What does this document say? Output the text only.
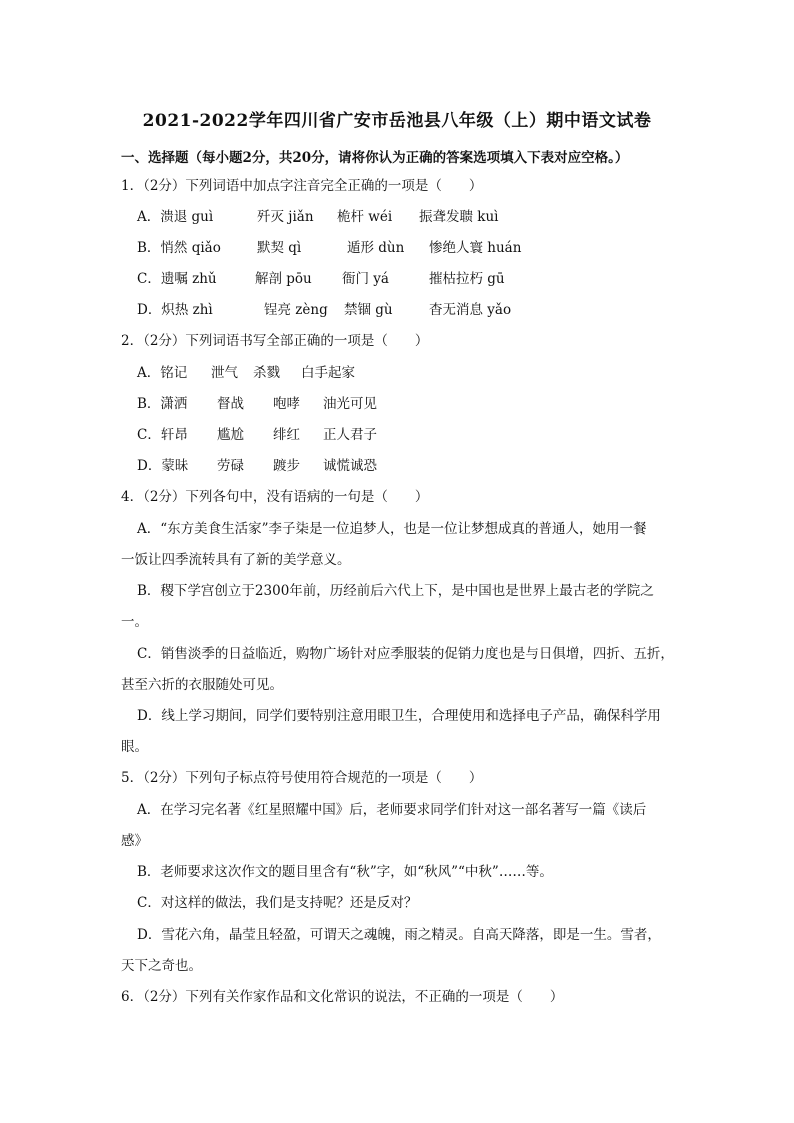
2021-2022学年四川省广安市岳池县八年级（上）期中语文试卷
一、选择题（每小题2分，共20分，请将你认为正确的答案选项填入下表对应空格。）
1．（2分）下列词语中加点字注音完全正确的一项是（　　）
A．溃退 guì	歼灭 jiǎn 桅杆 wéi 振聋发聩 kuì
B．悄然 qiǎo	默契 qì	遁形 dùn 惨绝人寰 huán
C．遗嘱 zhǔ	解剖 pōu 衙门 yá	摧枯拉朽 gū
D．炽热 zhì	锃亮 zèng 禁锢 gù	杳无消息 yǎo
2．（2分）下列词语书写全部正确的一项是（　　）
A．铭记 泄气 杀戮 白手起家
B．潇洒 督战 咆哮 油光可见
C．轩昂 尴尬 绯红 正人君子
D．蒙昧 劳碌 踱步 诚慌诚恐
4．（2分）下列各句中，没有语病的一句是（　　）
A．“东方美食生活家”李子柒是一位追梦人，也是一位让梦想成真的普通人，她用一餐
一饭让四季流转具有了新的美学意义。
B．稷下学宫创立于2300年前，历经前后六代上下，是中国也是世界上最古老的学院之
一。
C．销售淡季的日益临近，购物广场针对应季服装的促销力度也是与日俱增，四折、五折，
甚至六折的衣服随处可见。
D．线上学习期间，同学们要特别注意用眼卫生，合理使用和选择电子产品，确保科学用
眼。
5．（2分）下列句子标点符号使用符合规范的一项是（　　）
A．在学习完名著《红星照耀中国》后，老师要求同学们针对这一部名著写一篇《读后
感》
B．老师要求这次作文的题目里含有“秋”字，如“秋风”“中秋”……等。
C．对这样的做法，我们是支持呢？还是反对？
D．雪花六角，晶莹且轻盈，可谓天之魂魄，雨之精灵。自高天降落，即是一生。雪者，
天下之奇也。
6．（2分）下列有关作家作品和文化常识的说法，不正确的一项是（　　）
